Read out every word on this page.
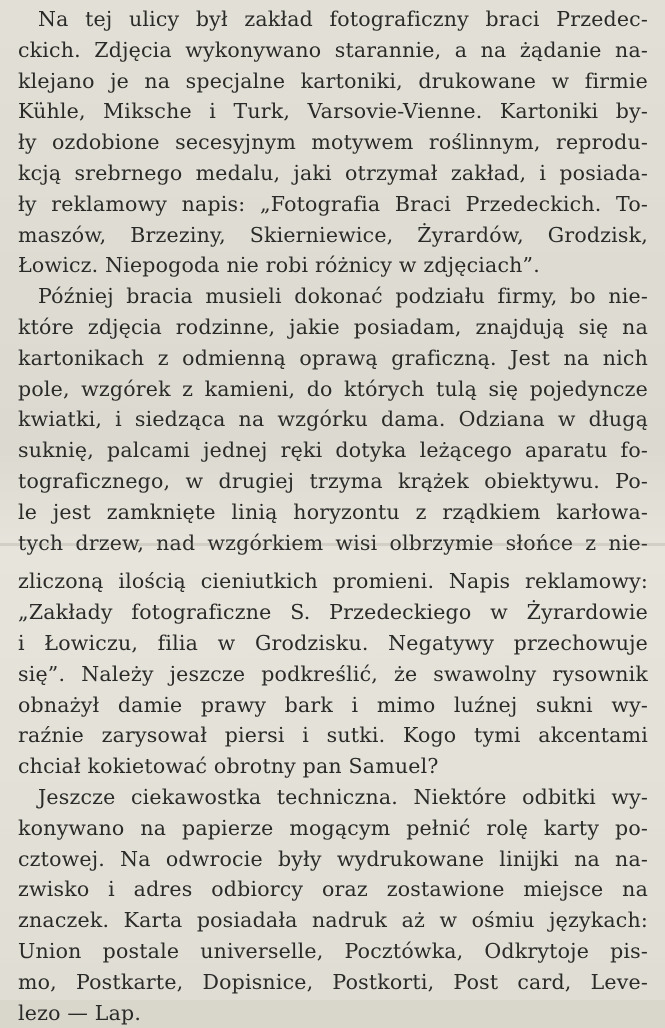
Na tej ulicy był zakład fotograficzny braci Przedec-
ckich. Zdjęcia wykonywano starannie, a na żądanie na-
klejano je na specjalne kartoniki, drukowane w firmie
Kühle, Miksche i Turk, Varsovie-Vienne. Kartoniki by-
ły ozdobione secesyjnym motywem roślinnym, reprodu-
kcją srebrnego medalu, jaki otrzymał zakład, i posiada-
ły reklamowy napis: „Fotografia Braci Przedeckich. To-
maszów, Brzeziny, Skierniewice, Żyrardów, Grodzisk,
Łowicz. Niepogoda nie robi różnicy w zdjęciach”.
Później bracia musieli dokonać podziału firmy, bo nie-
które zdjęcia rodzinne, jakie posiadam, znajdują się na
kartonikach z odmienną oprawą graficzną. Jest na nich
pole, wzgórek z kamieni, do których tulą się pojedyncze
kwiatki, i siedząca na wzgórku dama. Odziana w długą
suknię, palcami jednej ręki dotyka leżącego aparatu fo-
tograficznego, w drugiej trzyma krążek obiektywu. Po-
le jest zamknięte linią horyzontu z rządkiem karłowa-
tych drzew, nad wzgórkiem wisi olbrzymie słońce z nie-
zliczoną ilością cieniutkich promieni. Napis reklamowy:
„Zakłady fotograficzne S. Przedeckiego w Żyrardowie
i Łowiczu, filia w Grodzisku. Negatywy przechowuje
się”. Należy jeszcze podkreślić, że swawolny rysownik
obnażył damie prawy bark i mimo luźnej sukni wy-
raźnie zarysował piersi i sutki. Kogo tymi akcentami
chciał kokietować obrotny pan Samuel?
Jeszcze ciekawostka techniczna. Niektóre odbitki wy-
konywano na papierze mogącym pełnić rolę karty po-
cztowej. Na odwrocie były wydrukowane linijki na na-
zwisko i adres odbiorcy oraz zostawione miejsce na
znaczek. Karta posiadała nadruk aż w ośmiu językach:
Union postale universelle, Pocztówka, Odkrytoje pis-
mo, Postkarte, Dopisnice, Postkorti, Post card, Leve-
lezo — Lap.
